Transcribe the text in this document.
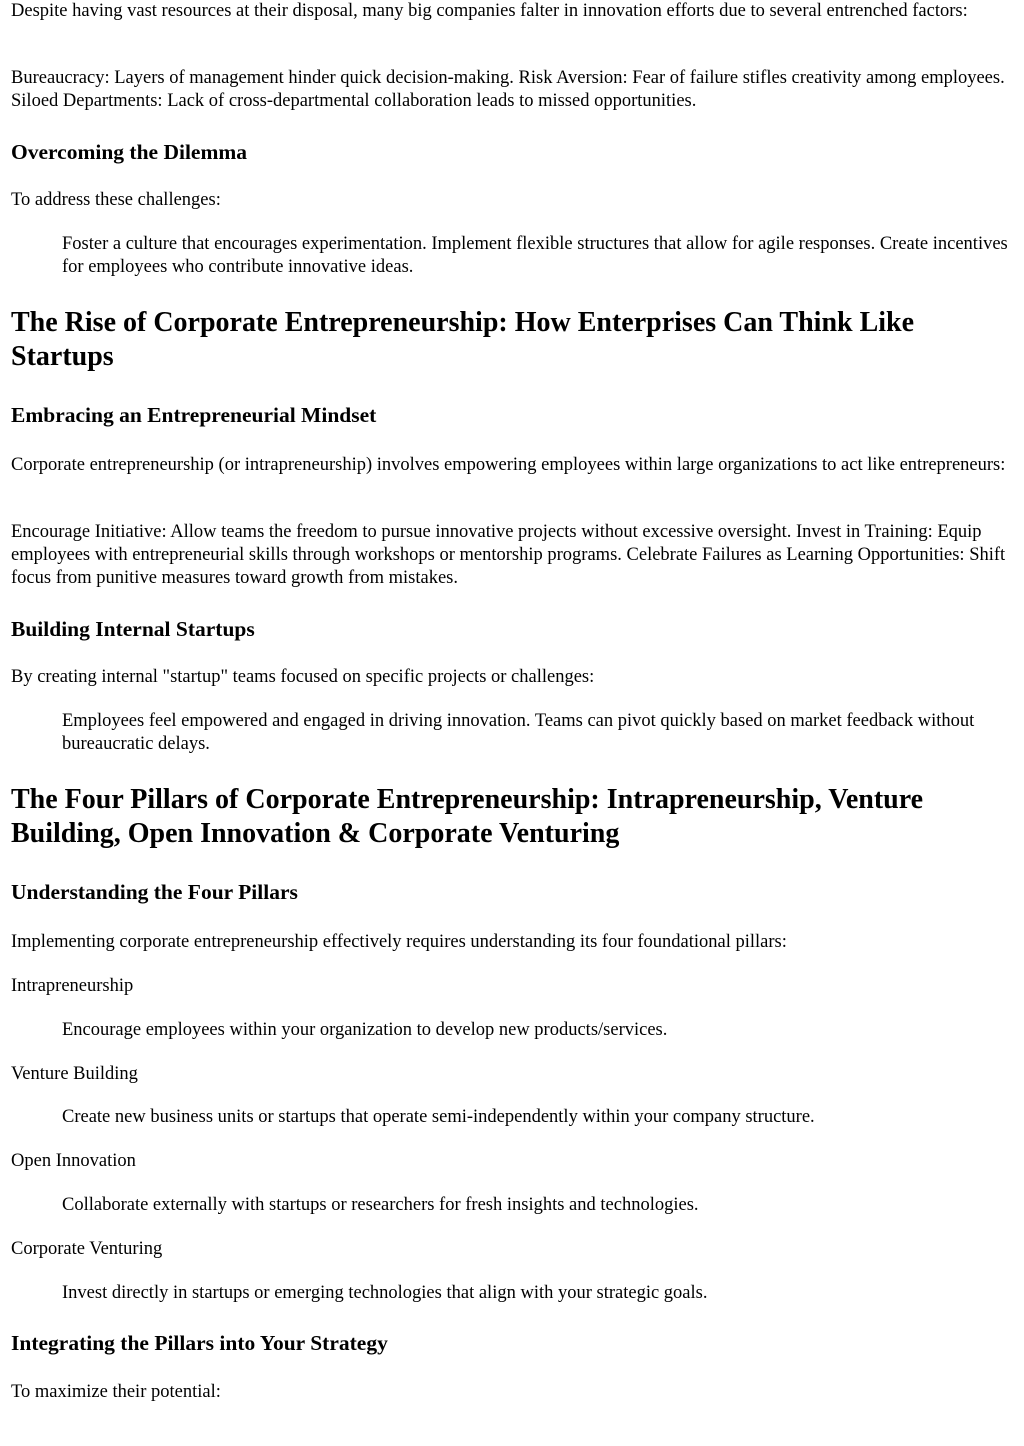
Despite having vast resources at their disposal, many big companies falter in innovation efforts due to several entrenched factors:

Bureaucracy: Layers of management hinder quick decision-making. Risk Aversion: Fear of failure stifles creativity among employees. Siloed Departments: Lack of cross-departmental collaboration leads to missed opportunities.

Overcoming the Dilemma

To address these challenges:

Foster a culture that encourages experimentation. Implement flexible structures that allow for agile responses. Create incentives for employees who contribute innovative ideas.

The Rise of Corporate Entrepreneurship: How Enterprises Can Think Like Startups
Embracing an Entrepreneurial Mindset

Corporate entrepreneurship (or intrapreneurship) involves empowering employees within large organizations to act like entrepreneurs:

Encourage Initiative: Allow teams the freedom to pursue innovative projects without excessive oversight. Invest in Training: Equip employees with entrepreneurial skills through workshops or mentorship programs. Celebrate Failures as Learning Opportunities: Shift focus from punitive measures toward growth from mistakes.

Building Internal Startups

By creating internal "startup" teams focused on specific projects or challenges:

Employees feel empowered and engaged in driving innovation. Teams can pivot quickly based on market feedback without bureaucratic delays.

The Four Pillars of Corporate Entrepreneurship: Intrapreneurship, Venture Building, Open Innovation & Corporate Venturing
Understanding the Four Pillars

Implementing corporate entrepreneurship effectively requires understanding its four foundational pillars:

Intrapreneurship

Encourage employees within your organization to develop new products/services.

Venture Building

Create new business units or startups that operate semi-independently within your company structure.

Open Innovation

Collaborate externally with startups or researchers for fresh insights and technologies.

Corporate Venturing

Invest directly in startups or emerging technologies that align with your strategic goals.

Integrating the Pillars into Your Strategy

To maximize their potential:
